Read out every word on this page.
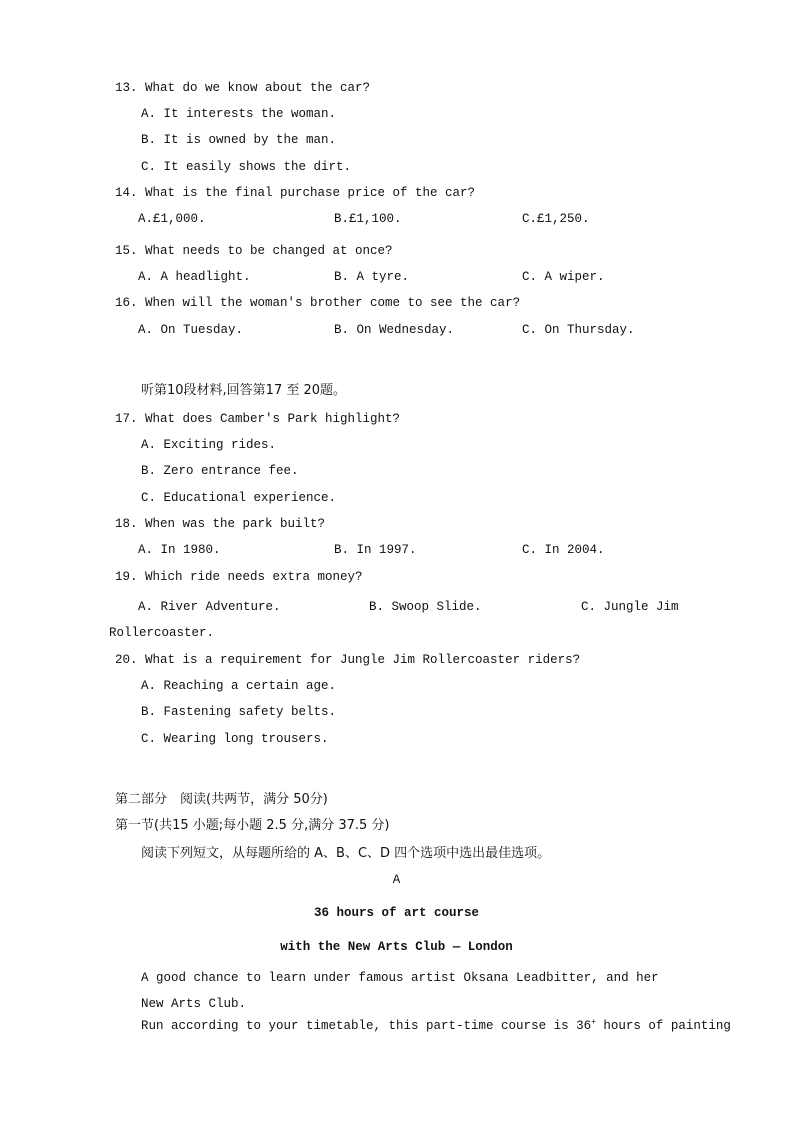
13. What do we know about the car?
A. It interests the woman.
B. It is owned by the man.
C. It easily shows the dirt.
14. What is the final purchase price of the car?
A.£1,000.	B.£1,100.	C.£1,250.
15. What needs to be changed at once?
A. A headlight.	B. A tyre.	C. A wiper.
16. When will the woman's brother come to see the car?
A. On Tuesday.	B. On Wednesday.	C. On Thursday.
听第10段材料,回答第17 至 20题。
17. What does Camber's Park highlight?
A. Exciting rides.
B. Zero entrance fee.
C. Educational experience.
18. When was the park built?
A. In 1980.	B. In 1997.	C. In 2004.
19. Which ride needs extra money?
A. River Adventure.	B. Swoop Slide.	C. Jungle Jim
Rollercoaster.
20. What is a requirement for Jungle Jim Rollercoaster riders?
A. Reaching a certain age.
B. Fastening safety belts.
C. Wearing long trousers.
第二部分　阅读(共两节，满分 50分)
第一节(共15 小题;每小题 2.5 分,满分 37.5 分)
阅读下列短文，从每题所给的 A、B、C、D 四个选项中选出最佳选项。
A
36 hours of art course
with the New Arts Club — London
A good chance to learn under famous artist Oksana Leadbitter, and her New Arts Club.
Run according to your timetable, this part-time course is 36+ hours of painting
